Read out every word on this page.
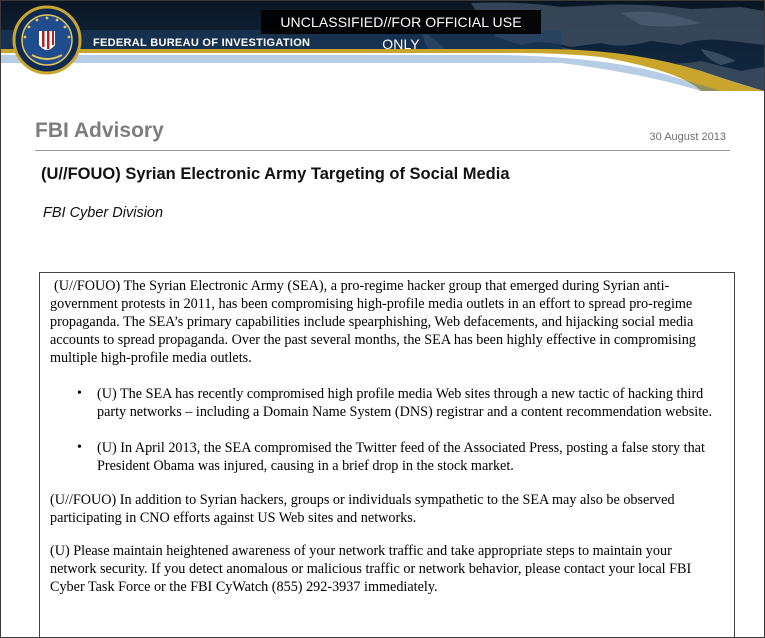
UNCLASSIFIED//FOR OFFICIAL USE ONLY
FEDERAL BUREAU OF INVESTIGATION
FBI Advisory	30 August 2013
(U//FOUO) Syrian Electronic Army Targeting of Social Media
FBI Cyber Division

(U//FOUO) The Syrian Electronic Army (SEA), a pro-regime hacker group that emerged during Syrian anti-government protests in 2011, has been compromising high-profile media outlets in an effort to spread pro-regime propaganda. The SEA’s primary capabilities include spearphishing, Web defacements, and hijacking social media accounts to spread propaganda. Over the past several months, the SEA has been highly effective in compromising multiple high-profile media outlets.

• (U) The SEA has recently compromised high profile media Web sites through a new tactic of hacking third party networks – including a Domain Name System (DNS) registrar and a content recommendation website.
• (U) In April 2013, the SEA compromised the Twitter feed of the Associated Press, posting a false story that President Obama was injured, causing in a brief drop in the stock market.

(U//FOUO) In addition to Syrian hackers, groups or individuals sympathetic to the SEA may also be observed participating in CNO efforts against US Web sites and networks.

(U) Please maintain heightened awareness of your network traffic and take appropriate steps to maintain your network security. If you detect anomalous or malicious traffic or network behavior, please contact your local FBI Cyber Task Force or the FBI CyWatch (855) 292-3937 immediately.
